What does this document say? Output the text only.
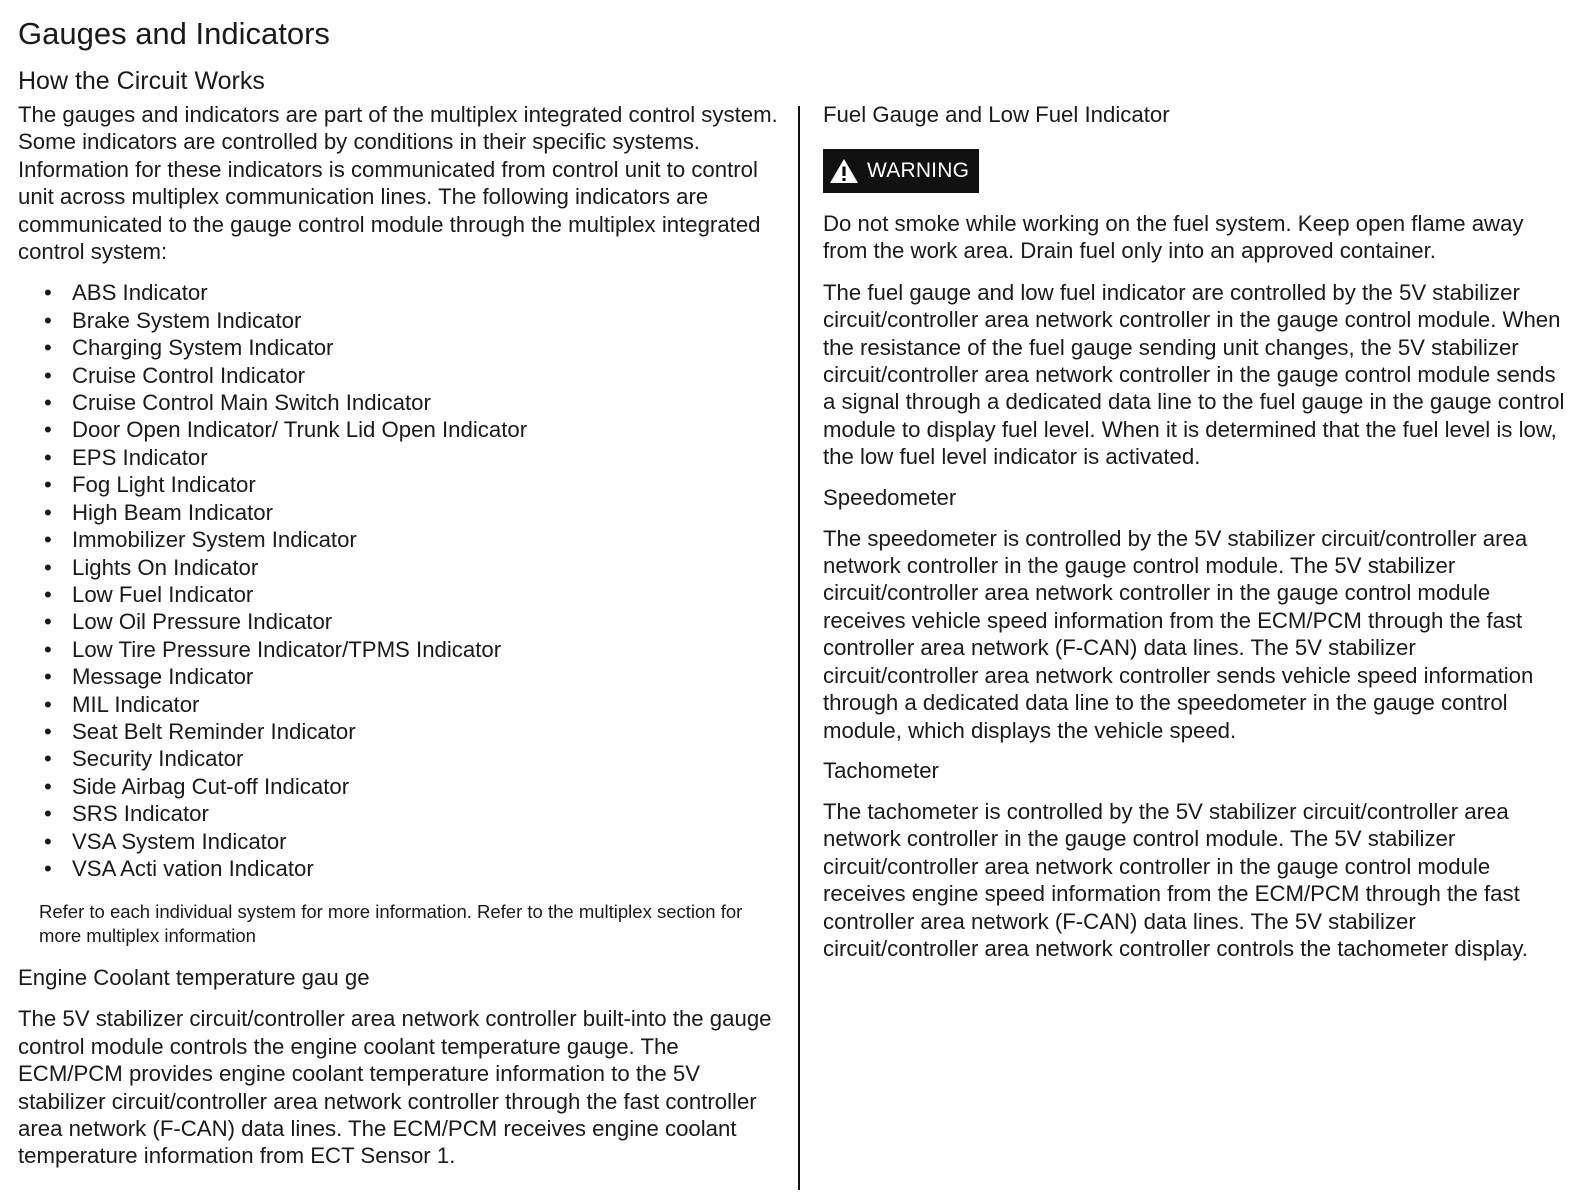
Gauges and Indicators
How the Circuit Works

The gauges and indicators are part of the multiplex integrated control system. Some indicators are controlled by conditions in their specific systems. Information for these indicators is communicated from control unit to control unit across multiplex communication lines. The following indicators are communicated to the gauge control module through the multiplex integrated control system:

• ABS Indicator
• Brake System Indicator
• Charging System Indicator
• Cruise Control Indicator
• Cruise Control Main Switch Indicator
• Door Open Indicator/ Trunk Lid Open Indicator
• EPS Indicator
• Fog Light Indicator
• High Beam Indicator
• Immobilizer System Indicator
• Lights On Indicator
• Low Fuel Indicator
• Low Oil Pressure Indicator
• Low Tire Pressure Indicator/TPMS Indicator
• Message Indicator
• MIL Indicator
• Seat Belt Reminder Indicator
• Security Indicator
• Side Airbag Cut-off Indicator
• SRS Indicator
• VSA System Indicator
• VSA Acti vation Indicator

Refer to each individual system for more information. Refer to the multiplex section for more multiplex information

Engine Coolant temperature gau ge

The 5V stabilizer circuit/controller area network controller built-into the gauge control module controls the engine coolant temperature gauge. The ECM/PCM provides engine coolant temperature information to the 5V stabilizer circuit/controller area network controller through the fast controller area network (F-CAN) data lines. The ECM/PCM receives engine coolant temperature information from ECT Sensor 1.

Fuel Gauge and Low Fuel Indicator

WARNING

Do not smoke while working on the fuel system. Keep open flame away from the work area. Drain fuel only into an approved container.

The fuel gauge and low fuel indicator are controlled by the 5V stabilizer circuit/controller area network controller in the gauge control module. When the resistance of the fuel gauge sending unit changes, the 5V stabilizer circuit/controller area network controller in the gauge control module sends a signal through a dedicated data line to the fuel gauge in the gauge control module to display fuel level. When it is determined that the fuel level is low, the low fuel level indicator is activated.

Speedometer

The speedometer is controlled by the 5V stabilizer circuit/controller area network controller in the gauge control module. The 5V stabilizer circuit/controller area network controller in the gauge control module receives vehicle speed information from the ECM/PCM through the fast controller area network (F-CAN) data lines. The 5V stabilizer circuit/controller area network controller sends vehicle speed information through a dedicated data line to the speedometer in the gauge control module, which displays the vehicle speed.

Tachometer

The tachometer is controlled by the 5V stabilizer circuit/controller area network controller in the gauge control module. The 5V stabilizer circuit/controller area network controller in the gauge control module receives engine speed information from the ECM/PCM through the fast controller area network (F-CAN) data lines. The 5V stabilizer circuit/controller area network controller controls the tachometer display.
